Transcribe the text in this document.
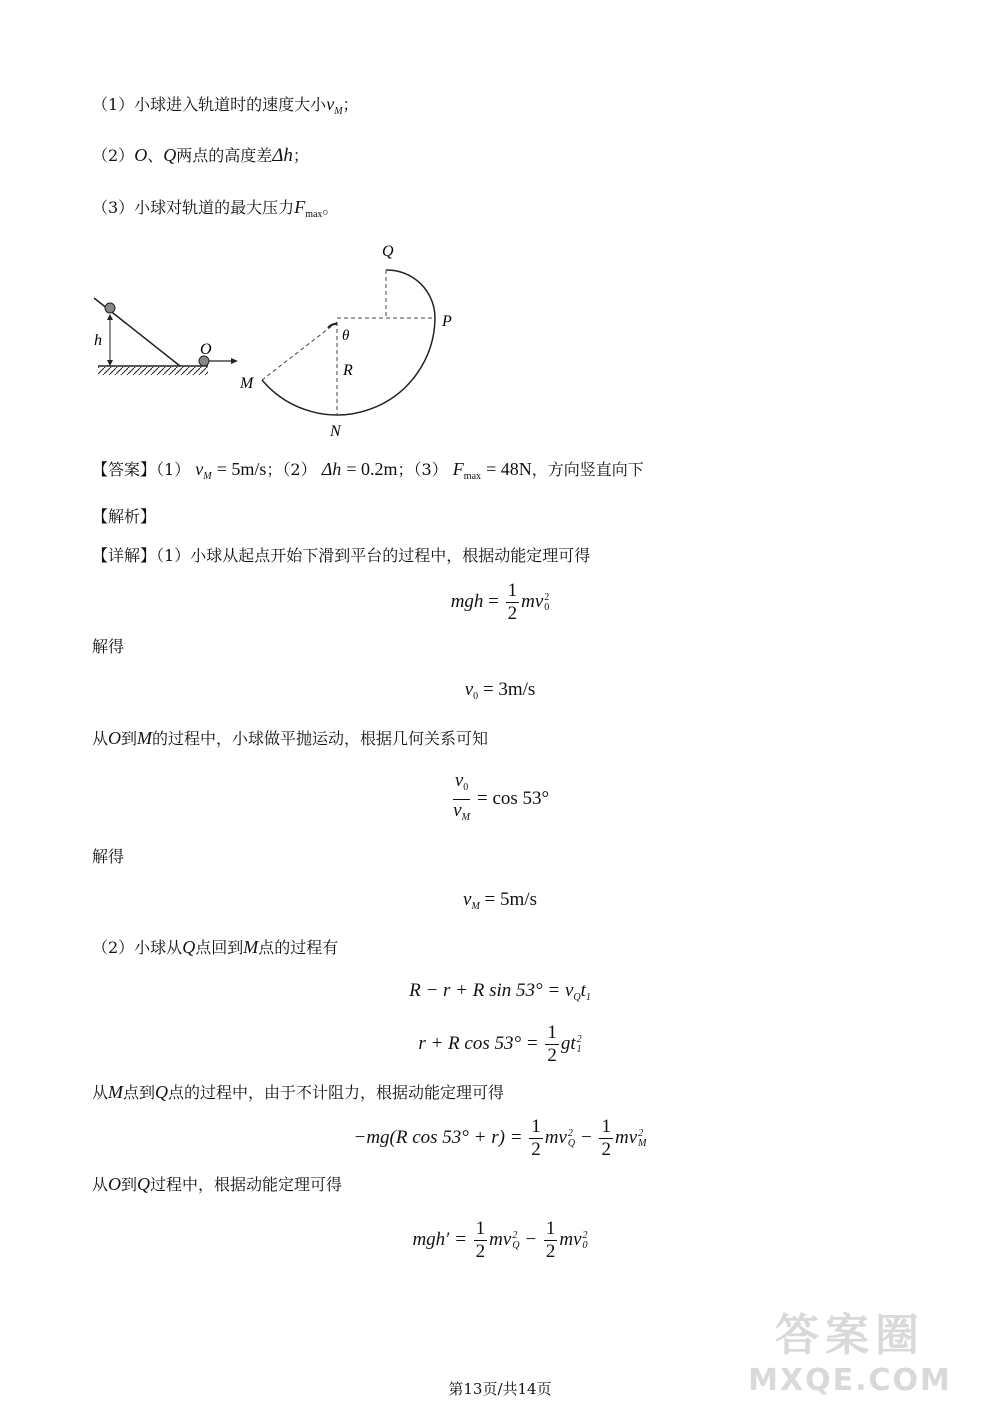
（1）小球进入轨道时的速度大小$v_M$；
（2）O、Q两点的高度差Δh；
（3）小球对轨道的最大压力$F_{max}$。
h
O
Q
P
θ
R
M
N
【答案】（1） $v_M = 5m/s$；（2） Δh = 0.2m；（3） $F_{max} = 48N$，方向竖直向下
【解析】
【详解】（1）小球从起点开始下滑到平台的过程中，根据动能定理可得
mgh = $\frac{1}{2}$ mv 2
0
解得
$v_0 = 3m/s$
从O到M的过程中，小球做平抛运动，根据几何关系可知
$\frac{v_0}{v_M} = \cos 53^\circ$
解得
$v_M = 5m/s$
（2）小球从Q点回到M点的过程有
R − r + R $\sin 53^\circ = v_Qt_1$
r + R $\cos 53^\circ = \frac{1}{2}$ gt 2
1
从M点到Q点的过程中，由于不计阻力，根据动能定理可得
−mg(R $\cos 53^\circ + r) = \frac{1}{2}$ mv 2
$Q - \frac{1}{2}$ mv 2
M
从O到Q过程中，根据动能定理可得
$mgh' = \frac{1}{2}$ mv 2
$Q - \frac{1}{2}$ mv 2
0
答案圈
MXQE.COM
第13页/共14页
